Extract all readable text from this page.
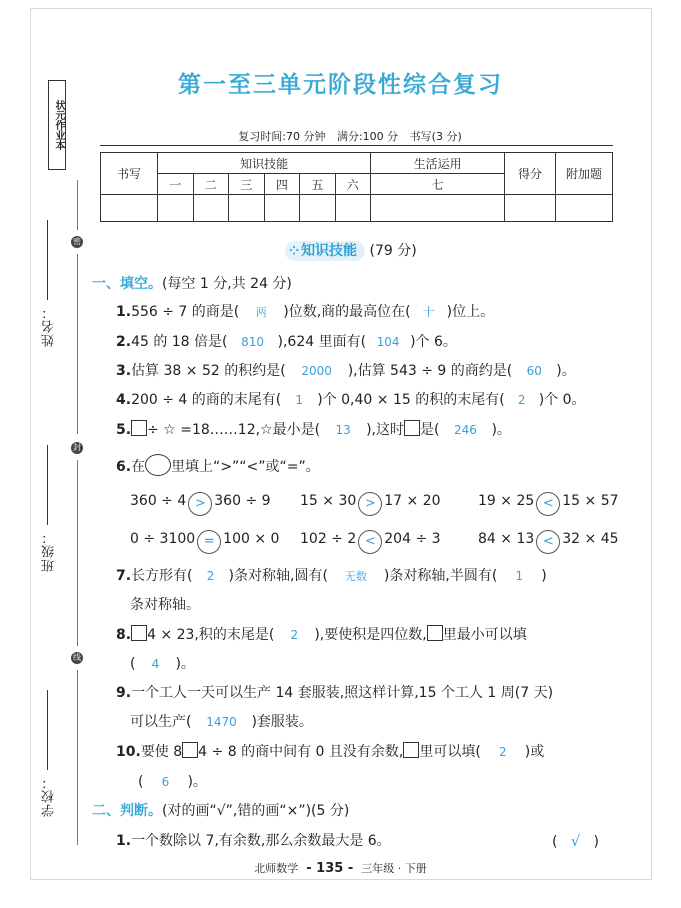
状元作业本
密
封
线
姓名：
班级：
学校：
第一至三单元阶段性综合复习
复习时间:70 分钟 满分:100 分 书写(3 分)
书写	知识技能						生活运用	得分	附加题
	一	二	三	四	五	六	七		

⁘ 知识技能 (79 分)
一、填空。(每空 1 分,共 24 分)
1.556 ÷ 7 的商是( 两 )位数,商的最高位在( 十 )位上。
2.45 的 18 倍是( 810 ),624 里面有( 104 )个 6。
3.估算 38 × 52 的积约是( 2000 ),估算 543 ÷ 9 的商约是( 60 )。
4.200 ÷ 4 的商的末尾有( 1 )个 0,40 × 15 的积的末尾有( 2 )个 0。
5. ÷ ☆ =18……12,☆最小是( 13 ),这时 是( 246 )。
6.在 里填上“>”“<”或“=”。
360 ÷ 4 > 360 ÷ 9 15 × 30 > 17 × 20	19 × 25 < 15 × 57
0 ÷ 3100 = 100 × 0 102 ÷ 2 < 204 ÷ 3	84 × 13 < 32 × 45
7.长方形有( 2 )条对称轴,圆有( 无数 )条对称轴,半圆有( 1 )
条对称轴。
8. 4 × 23,积的末尾是( 2 ),要使积是四位数, 里最小可以填
( 4 )。
9.一个工人一天可以生产 14 套服装,照这样计算,15 个工人 1 周(7 天)
可以生产( 1470 )套服装。
10.要使 8 4 ÷ 8 的商中间有 0 且没有余数, 里可以填( 2 )或
( 6 )。
二、判断。(对的画“√”,错的画“×”)(5 分)
1.一个数除以 7,有余数,那么余数最大是 6。	( √ )
北师数学 - 135 - 三年级 · 下册
